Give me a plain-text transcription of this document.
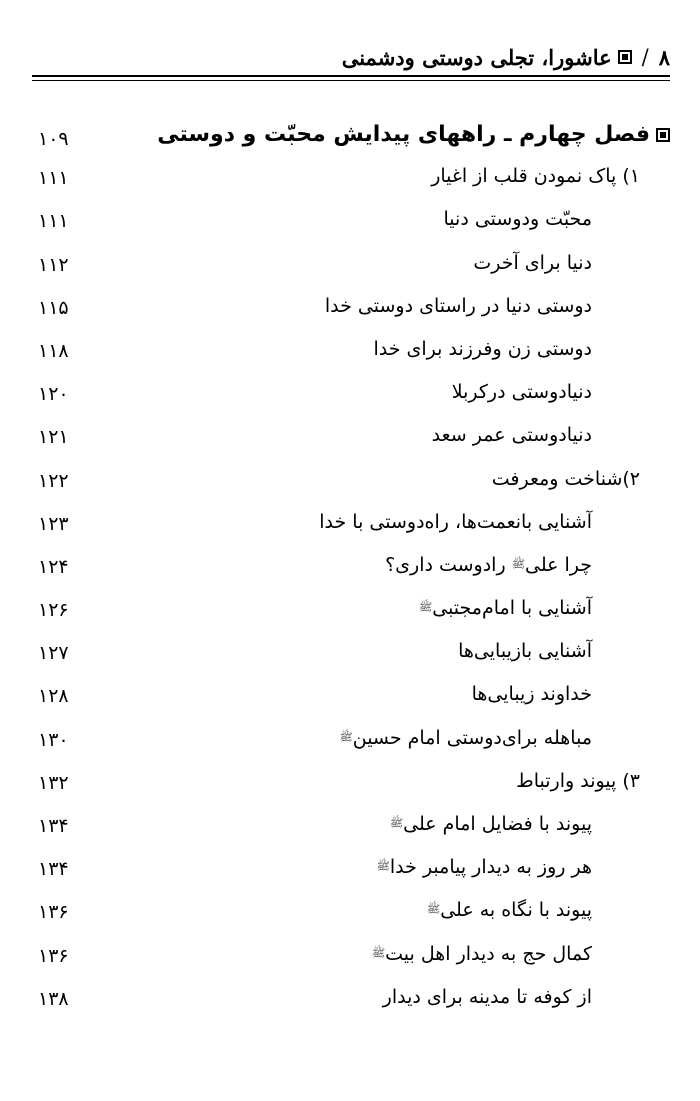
۸
/
عاشورا، تجلی دوستی ودشمنی
فصل چهارم ـ راههای پیدایش محبّت و دوستی
۱۰۹
۱) پاک نمودن قلب از اغیار
۱۱۱
محبّت ودوستی دنیا
۱۱۱
دنیا برای آخرت
۱۱۲
دوستی دنیا در راستای دوستی خدا
۱۱۵
دوستی زن وفرزند برای خدا
۱۱۸
دنیادوستی درکربلا
۱۲۰
دنیادوستی عمر سعد
۱۲۱
۲)شناخت ومعرفت
۱۲۲
آشنایی بانعمت‌ها، راه‌دوستی با خدا
۱۲۳
چرا علیﷺ رادوست داری؟
۱۲۴
آشنایی با امام‌مجتبیﷺ
۱۲۶
آشنایی بازیبایی‌ها
۱۲۷
خداوند زیبایی‌ها
۱۲۸
مباهله برای‌دوستی امام حسینﷺ
۱۳۰
۳) پیوند وارتباط
۱۳۲
پیوند با فضایل امام علیﷺ
۱۳۴
هر روز به دیدار پیامبر خداﷺ
۱۳۴
پیوند با نگاه به علیﷺ
۱۳۶
کمال حج به دیدار اهل بیتﷺ
۱۳۶
از کوفه تا مدینه برای دیدار
۱۳۸
